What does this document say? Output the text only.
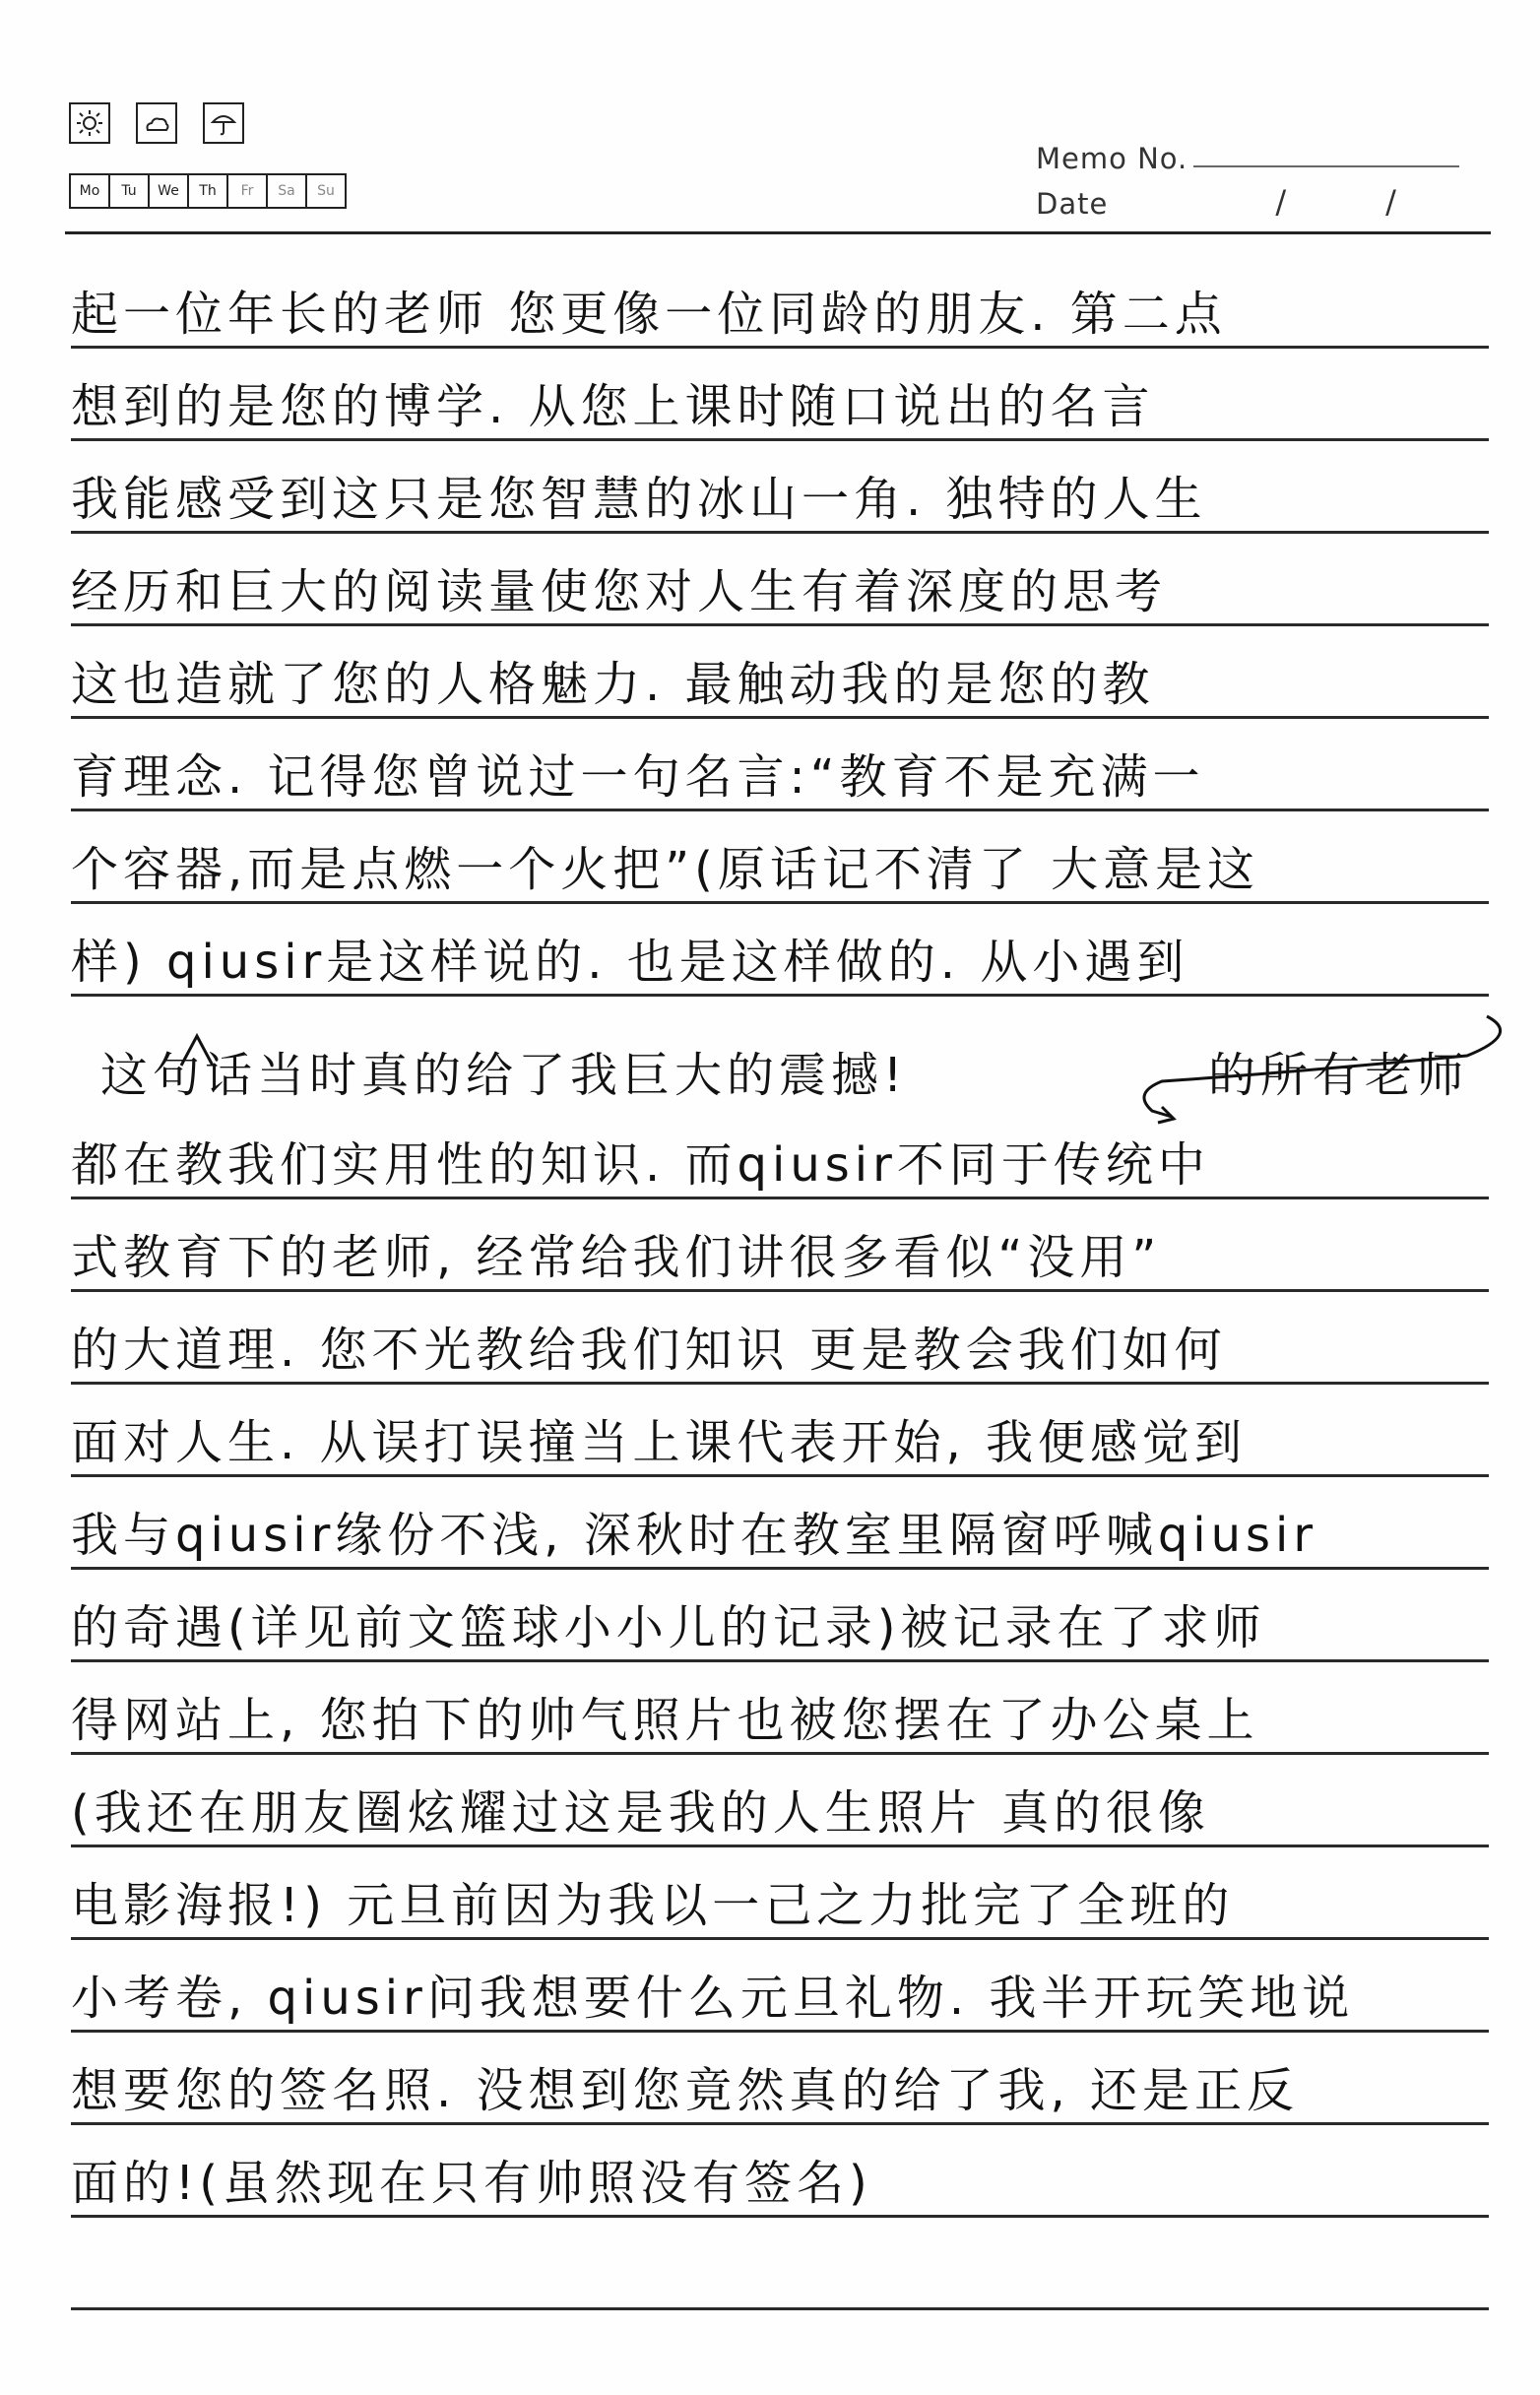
Mo	Tu	We	Th	Fr	Sa	Su
Memo No.
Date	/	/
起一位年长的老师 您更像一位同龄的朋友. 第二点
想到的是您的博学. 从您上课时随口说出的名言
我能感受到这只是您智慧的冰山一角. 独特的人生
经历和巨大的阅读量使您对人生有着深度的思考
这也造就了您的人格魅力. 最触动我的是您的教
育理念. 记得您曾说过一句名言:“教育不是充满一
个容器,而是点燃一个火把”(原话记不清了 大意是这
样) qiusir是这样说的. 也是这样做的. 从小遇到
这句话当时真的给了我巨大的震撼!	的所有老师
都在教我们实用性的知识. 而qiusir不同于传统中
式教育下的老师, 经常给我们讲很多看似“没用”
的大道理. 您不光教给我们知识 更是教会我们如何
面对人生. 从误打误撞当上课代表开始, 我便感觉到
我与qiusir缘份不浅, 深秋时在教室里隔窗呼喊qiusir
的奇遇(详见前文篮球小小儿的记录)被记录在了求师
得网站上, 您拍下的帅气照片也被您摆在了办公桌上
(我还在朋友圈炫耀过这是我的人生照片 真的很像
电影海报!) 元旦前因为我以一己之力批完了全班的
小考卷, qiusir问我想要什么元旦礼物. 我半开玩笑地说
想要您的签名照. 没想到您竟然真的给了我, 还是正反
面的!(虽然现在只有帅照没有签名)
